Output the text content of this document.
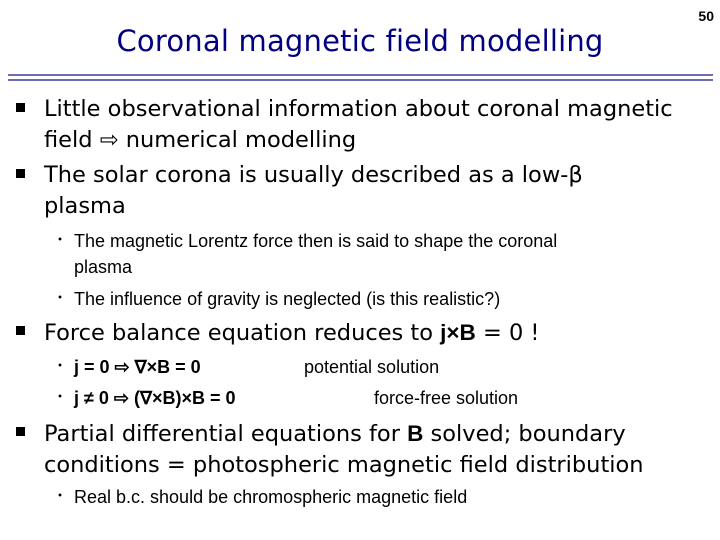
Coronal magnetic field modelling
50
Little observational information about coronal magnetic
field ⇨ numerical modelling
The solar corona is usually described as a low-β
plasma
・ The magnetic Lorentz force then is said to shape the coronal
plasma
・ The influence of gravity is neglected (is this realistic?)
Force balance equation reduces to j×B = 0 !
・ j = 0 ⇨ ∇×B = 0	potential solution
・ j ≠ 0 ⇨ (∇×B)×B = 0	force-free solution
Partial differential equations for B solved; boundary
conditions = photospheric magnetic field distribution
・ Real b.c. should be chromospheric magnetic field
